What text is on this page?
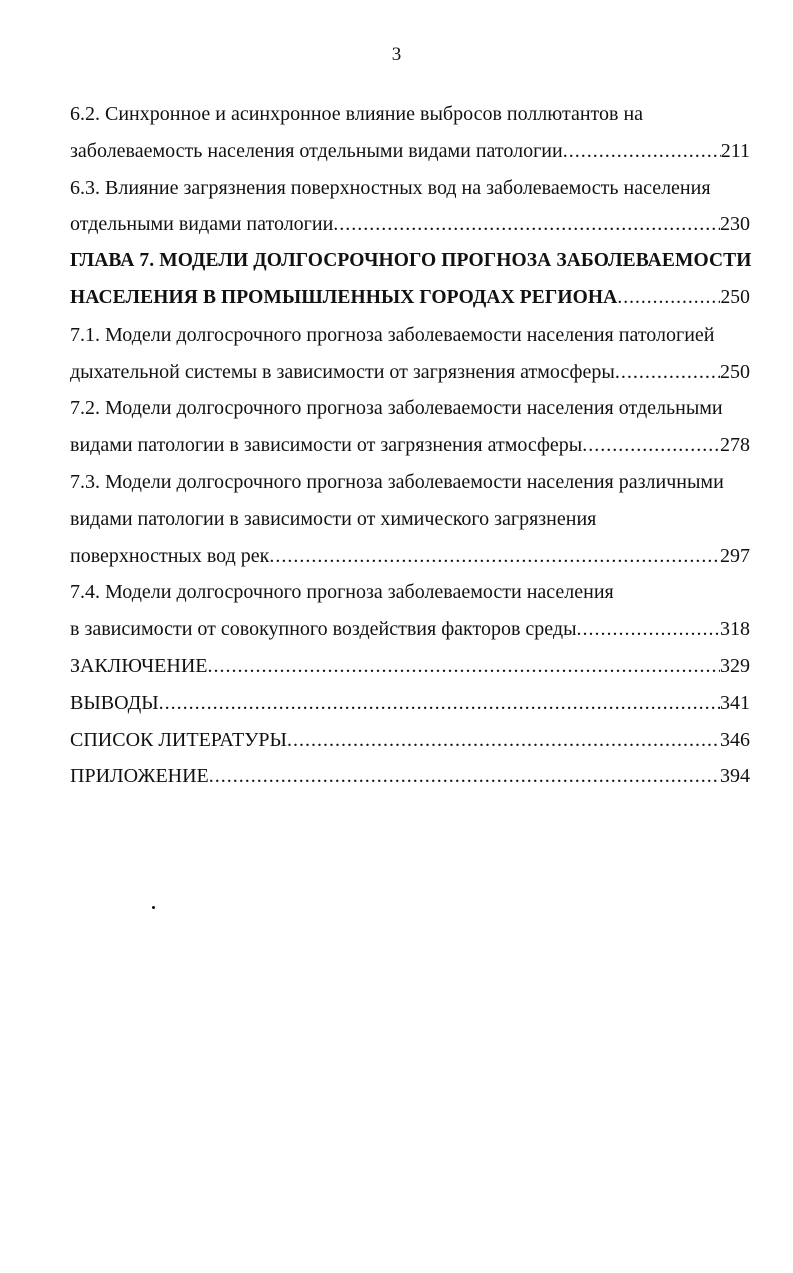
3
6.2. Синхронное и асинхронное влияние выбросов поллютантов на
заболеваемость населения отдельными видами патологии .....	211
6.3. Влияние загрязнения поверхностных вод на заболеваемость населения
отдельными видами патологии .....	230
ГЛАВА 7. МОДЕЛИ ДОЛГОСРОЧНОГО ПРОГНОЗА ЗАБОЛЕВАЕМОСТИ
НАСЕЛЕНИЯ В ПРОМЫШЛЕННЫХ ГОРОДАХ РЕГИОНА .....	250
7.1. Модели долгосрочного прогноза заболеваемости населения патологией
дыхательной системы в зависимости от загрязнения атмосферы .....	250
7.2. Модели долгосрочного прогноза заболеваемости населения отдельными
видами патологии в зависимости от загрязнения атмосферы .....	278
7.3. Модели долгосрочного прогноза заболеваемости населения различными
видами патологии в зависимости от химического загрязнения
поверхностных вод рек .....	297
7.4. Модели долгосрочного прогноза заболеваемости населения
в зависимости от совокупного воздействия факторов среды .....	318
ЗАКЛЮЧЕНИЕ .....	329
ВЫВОДЫ .....	341
СПИСОК ЛИТЕРАТУРЫ .....	346
ПРИЛОЖЕНИЕ .....	394
